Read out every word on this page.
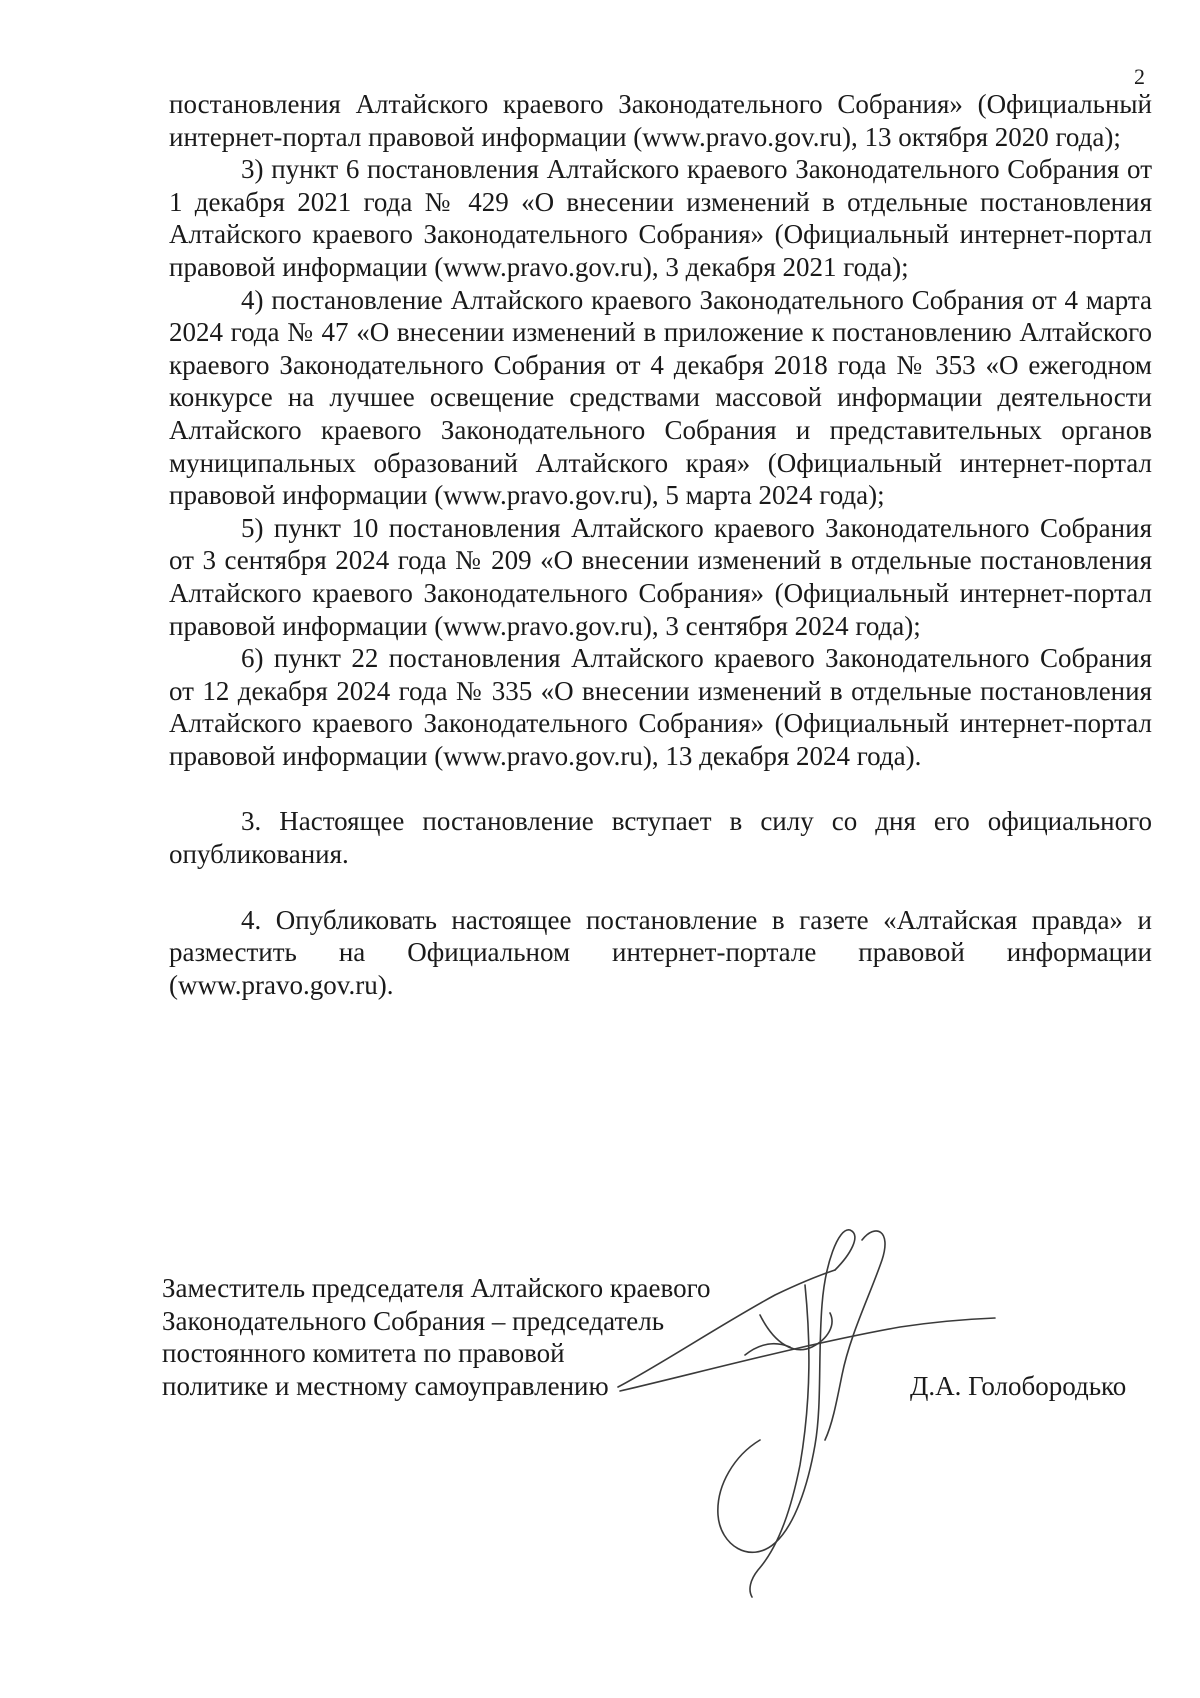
2

постановления Алтайского краевого Законодательного Собрания» (Официальный интернет-портал правовой информации (www.pravo.gov.ru), 13 октября 2020 года);

3) пункт 6 постановления Алтайского краевого Законодательного Собрания от 1 декабря 2021 года № 429 «О внесении изменений в отдельные постановления Алтайского краевого Законодательного Собрания» (Официальный интернет-портал правовой информации (www.pravo.gov.ru), 3 декабря 2021 года);

4) постановление Алтайского краевого Законодательного Собрания от 4 марта 2024 года № 47 «О внесении изменений в приложение к постановлению Алтайского краевого Законодательного Собрания от 4 декабря 2018 года № 353 «О ежегодном конкурсе на лучшее освещение средствами массовой информации деятельности Алтайского краевого Законодательного Собрания и представительных органов муниципальных образований Алтайского края» (Официальный интернет-портал правовой информации (www.pravo.gov.ru), 5 марта 2024 года);

5) пункт 10 постановления Алтайского краевого Законодательного Собрания от 3 сентября 2024 года № 209 «О внесении изменений в отдельные постановления Алтайского краевого Законодательного Собрания» (Официальный интернет-портал правовой информации (www.pravo.gov.ru), 3 сентября 2024 года);

6) пункт 22 постановления Алтайского краевого Законодательного Собрания от 12 декабря 2024 года № 335 «О внесении изменений в отдельные постановления Алтайского краевого Законодательного Собрания» (Официальный интернет-портал правовой информации (www.pravo.gov.ru), 13 декабря 2024 года).

3. Настоящее постановление вступает в силу со дня его официального опубликования.

4. Опубликовать настоящее постановление в газете «Алтайская правда» и разместить на Официальном интернет-портале правовой информации (www.pravo.gov.ru).

Заместитель председателя Алтайского краевого
Законодательного Собрания – председатель
постоянного комитета по правовой
политике и местному самоуправлению	Д.А. Голобородько
